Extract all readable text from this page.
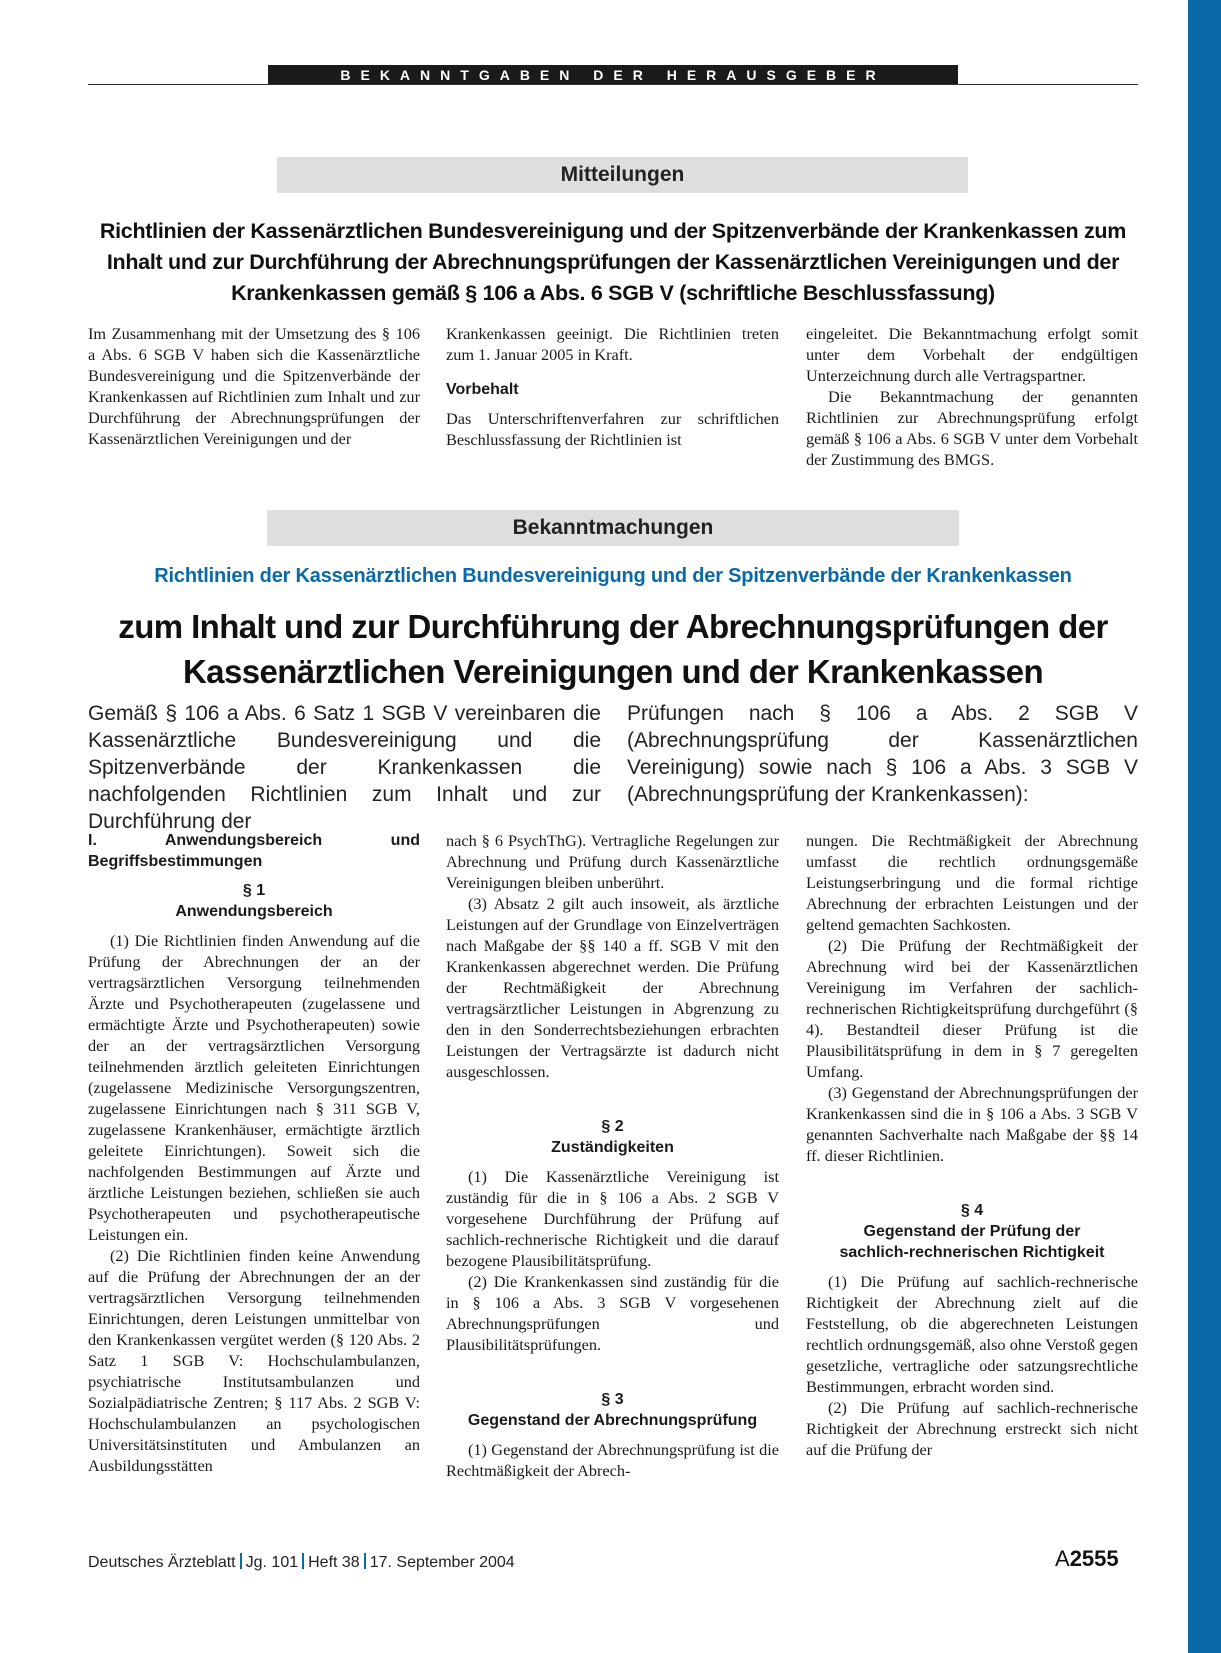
BEKANNTGABEN DER HERAUSGEBER
Mitteilungen
Richtlinien der Kassenärztlichen Bundesvereinigung und der Spitzenverbände der Krankenkassen zum Inhalt und zur Durchführung der Abrechnungsprüfungen der Kassenärztlichen Vereinigungen und der Krankenkassen gemäß § 106 a Abs. 6 SGB V (schriftliche Beschlussfassung)

Im Zusammenhang mit der Umsetzung des § 106 a Abs. 6 SGB V haben sich die Kassenärztliche Bundesvereinigung und die Spitzenverbände der Krankenkassen auf Richtlinien zum Inhalt und zur Durchführung der Abrechnungsprüfungen der Kassenärztlichen Vereinigungen und der

Krankenkassen geeinigt. Die Richtlinien treten zum 1. Januar 2005 in Kraft.

Vorbehalt

Das Unterschriftenverfahren zur schriftlichen Beschlussfassung der Richtlinien ist

eingeleitet. Die Bekanntmachung erfolgt somit unter dem Vorbehalt der endgültigen Unterzeichnung durch alle Vertragspartner.

Die Bekanntmachung der genannten Richtlinien zur Abrechnungsprüfung erfolgt gemäß § 106 a Abs. 6 SGB V unter dem Vorbehalt der Zustimmung des BMGS.

Bekanntmachungen
Richtlinien der Kassenärztlichen Bundesvereinigung und der Spitzenverbände der Krankenkassen
zum Inhalt und zur Durchführung der Abrechnungsprüfungen der
Kassenärztlichen Vereinigungen und der Krankenkassen
Gemäß § 106 a Abs. 6 Satz 1 SGB V vereinbaren die Kassenärztliche Bundesvereinigung und die Spitzenverbände der Krankenkassen die nachfolgenden Richtlinien zum Inhalt und zur Durchführung der
Prüfungen nach § 106 a Abs. 2 SGB V (Abrechnungsprüfung der Kassenärztlichen Vereinigung) sowie nach § 106 a Abs. 3 SGB V (Abrechnungsprüfung der Krankenkassen):
I. Anwendungsbereich und Begriffsbestimmungen
§ 1
Anwendungsbereich

(1) Die Richtlinien finden Anwendung auf die Prüfung der Abrechnungen der an der vertragsärztlichen Versorgung teilnehmenden Ärzte und Psychotherapeuten (zugelassene und ermächtigte Ärzte und Psychotherapeuten) sowie der an der vertragsärztlichen Versorgung teilnehmenden ärztlich geleiteten Einrichtungen (zugelassene Medizinische Versorgungszentren, zugelassene Einrichtungen nach § 311 SGB V, zugelassene Krankenhäuser, ermächtigte ärztlich geleitete Einrichtungen). Soweit sich die nachfolgenden Bestimmungen auf Ärzte und ärztliche Leistungen beziehen, schließen sie auch Psychotherapeuten und psychotherapeutische Leistungen ein.

(2) Die Richtlinien finden keine Anwendung auf die Prüfung der Abrechnungen der an der vertragsärztlichen Versorgung teilnehmenden Einrichtungen, deren Leistungen unmittelbar von den Krankenkassen vergütet werden (§ 120 Abs. 2 Satz 1 SGB V: Hochschulambulanzen, psychiatrische Institutsambulanzen und Sozialpädiatrische Zentren; § 117 Abs. 2 SGB V: Hochschulambulanzen an psychologischen Universitätsinstituten und Ambulanzen an Ausbildungsstätten

nach § 6 PsychThG). Vertragliche Regelungen zur Abrechnung und Prüfung durch Kassenärztliche Vereinigungen bleiben unberührt.

(3) Absatz 2 gilt auch insoweit, als ärztliche Leistungen auf der Grundlage von Einzelverträgen nach Maßgabe der §§ 140 a ff. SGB V mit den Krankenkassen abgerechnet werden. Die Prüfung der Rechtmäßigkeit der Abrechnung vertragsärztlicher Leistungen in Abgrenzung zu den in den Sonderrechtsbeziehungen erbrachten Leistungen der Vertragsärzte ist dadurch nicht ausgeschlossen.

§ 2
Zuständigkeiten

(1) Die Kassenärztliche Vereinigung ist zuständig für die in § 106 a Abs. 2 SGB V vorgesehene Durchführung der Prüfung auf sachlich-rechnerische Richtigkeit und die darauf bezogene Plausibilitätsprüfung.

(2) Die Krankenkassen sind zuständig für die in § 106 a Abs. 3 SGB V vorgesehenen Abrechnungsprüfungen und Plausibilitätsprüfungen.

§ 3
Gegenstand der Abrechnungsprüfung

(1) Gegenstand der Abrechnungsprüfung ist die Rechtmäßigkeit der Abrech-

nungen. Die Rechtmäßigkeit der Abrechnung umfasst die rechtlich ordnungsgemäße Leistungserbringung und die formal richtige Abrechnung der erbrachten Leistungen und der geltend gemachten Sachkosten.

(2) Die Prüfung der Rechtmäßigkeit der Abrechnung wird bei der Kassenärztlichen Vereinigung im Verfahren der sachlich-rechnerischen Richtigkeitsprüfung durchgeführt (§ 4). Bestandteil dieser Prüfung ist die Plausibilitätsprüfung in dem in § 7 geregelten Umfang.

(3) Gegenstand der Abrechnungsprüfungen der Krankenkassen sind die in § 106 a Abs. 3 SGB V genannten Sachverhalte nach Maßgabe der §§ 14 ff. dieser Richtlinien.

§ 4
Gegenstand der Prüfung der
sachlich-rechnerischen Richtigkeit

(1) Die Prüfung auf sachlich-rechnerische Richtigkeit der Abrechnung zielt auf die Feststellung, ob die abgerechneten Leistungen rechtlich ordnungsgemäß, also ohne Verstoß gegen gesetzliche, vertragliche oder satzungsrechtliche Bestimmungen, erbracht worden sind.

(2) Die Prüfung auf sachlich-rechnerische Richtigkeit der Abrechnung erstreckt sich nicht auf die Prüfung der

Deutsches Ärzteblatt Jg. 101 Heft 38 17. September 2004	A2555
